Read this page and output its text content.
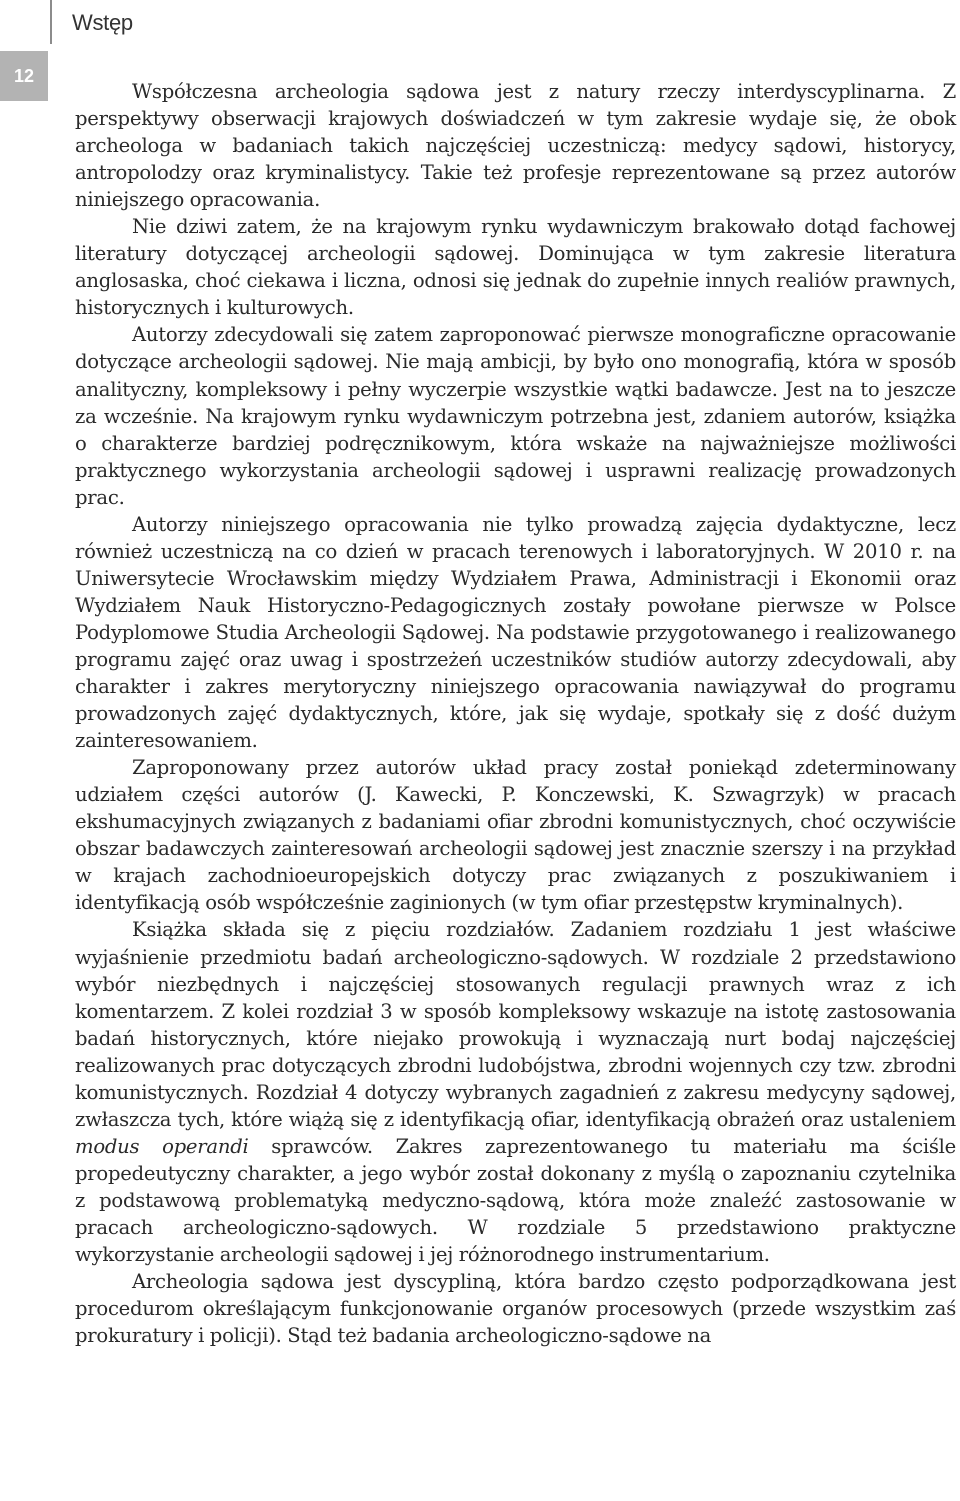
Wstęp
12

Współczesna archeologia sądowa jest z natury rzeczy interdyscyplinarna. Z perspektywy obserwacji krajowych doświadczeń w tym zakresie wydaje się, że obok archeologa w badaniach takich najczęściej uczestniczą: medycy sądowi, historycy, antropolodzy oraz kryminalistycy. Takie też profesje reprezentowane są przez autorów niniejszego opracowania.

Nie dziwi zatem, że na krajowym rynku wydawniczym brakowało dotąd fachowej literatury dotyczącej archeologii sądowej. Dominująca w tym zakresie literatura anglosaska, choć ciekawa i liczna, odnosi się jednak do zupełnie innych realiów prawnych, historycznych i kulturowych.

Autorzy zdecydowali się zatem zaproponować pierwsze monograficzne opracowanie dotyczące archeologii sądowej. Nie mają ambicji, by było ono monografią, która w sposób analityczny, kompleksowy i pełny wyczerpie wszystkie wątki badawcze. Jest na to jeszcze za wcześnie. Na krajowym rynku wydawniczym potrzebna jest, zdaniem autorów, książka o charakterze bardziej podręcznikowym, która wskaże na najważniejsze możliwości praktycznego wykorzystania archeologii sądowej i usprawni realizację prowadzonych prac.

Autorzy niniejszego opracowania nie tylko prowadzą zajęcia dydaktyczne, lecz również uczestniczą na co dzień w pracach terenowych i laboratoryjnych. W 2010 r. na Uniwersytecie Wrocławskim między Wydziałem Prawa, Administracji i Ekonomii oraz Wydziałem Nauk Historyczno-Pedagogicznych zostały powołane pierwsze w Polsce Podyplomowe Studia Archeologii Sądowej. Na podstawie przygotowanego i realizowanego programu zajęć oraz uwag i spostrzeżeń uczestników studiów autorzy zdecydowali, aby charakter i zakres merytoryczny niniejszego opracowania nawiązywał do programu prowadzonych zajęć dydaktycznych, które, jak się wydaje, spotkały się z dość dużym zainteresowaniem.

Zaproponowany przez autorów układ pracy został poniekąd zdeterminowany udziałem części autorów (J. Kawecki, P. Konczewski, K. Szwagrzyk) w pracach ekshumacyjnych związanych z badaniami ofiar zbrodni komunistycznych, choć oczywiście obszar badawczych zainteresowań archeologii sądowej jest znacznie szerszy i na przykład w krajach zachodnioeuropejskich dotyczy prac związanych z poszukiwaniem i identyfikacją osób współcześnie zaginionych (w tym ofiar przestępstw kryminalnych).

Książka składa się z pięciu rozdziałów. Zadaniem rozdziału 1 jest właściwe wyjaśnienie przedmiotu badań archeologiczno-sądowych. W rozdziale 2 przedstawiono wybór niezbędnych i najczęściej stosowanych regulacji prawnych wraz z ich komentarzem. Z kolei rozdział 3 w sposób kompleksowy wskazuje na istotę zastosowania badań historycznych, które niejako prowokują i wyznaczają nurt bodaj najczęściej realizowanych prac dotyczących zbrodni ludobójstwa, zbrodni wojennych czy tzw. zbrodni komunistycznych. Rozdział 4 dotyczy wybranych zagadnień z zakresu medycyny sądowej, zwłaszcza tych, które wiążą się z identyfikacją ofiar, identyfikacją obrażeń oraz ustaleniem modus operandi sprawców. Zakres zaprezentowanego tu materiału ma ściśle propedeutyczny charakter, a jego wybór został dokonany z myślą o zapoznaniu czytelnika z podstawową problematyką medyczno-sądową, która może znaleźć zastosowanie w pracach archeologiczno-sądowych. W rozdziale 5 przedstawiono praktyczne wykorzystanie archeologii sądowej i jej różnorodnego instrumentarium.

Archeologia sądowa jest dyscypliną, która bardzo często podporządkowana jest procedurom określającym funkcjonowanie organów procesowych (przede wszystkim zaś prokuratury i policji). Stąd też badania archeologiczno-sądowe na
